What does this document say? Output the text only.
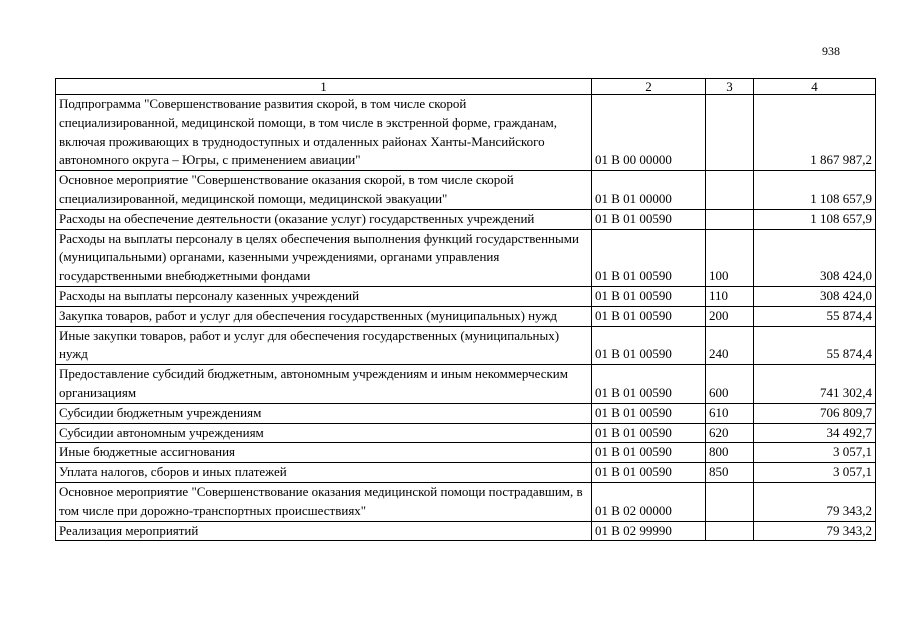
938
1	2	3	4
Подпрограмма "Совершенствование развития скорой, в том числе скорой специализированной, медицинской помощи, в том числе в экстренной форме, гражданам, включая проживающих в труднодоступных и отдаленных районах Ханты-Мансийского автономного округа – Югры, с применением авиации"	01 В 00 00000		1 867 987,2
Основное мероприятие "Совершенствование оказания скорой, в том числе скорой специализированной, медицинской помощи, медицинской эвакуации"	01 В 01 00000		1 108 657,9
Расходы на обеспечение деятельности (оказание услуг) государственных учреждений	01 В 01 00590		1 108 657,9
Расходы на выплаты персоналу в целях обеспечения выполнения функций государственными (муниципальными) органами, казенными учреждениями, органами управления государственными внебюджетными фондами	01 В 01 00590	100	308 424,0
Расходы на выплаты персоналу казенных учреждений	01 В 01 00590	110	308 424,0
Закупка товаров, работ и услуг для обеспечения государственных (муниципальных) нужд	01 В 01 00590	200	55 874,4
Иные закупки товаров, работ и услуг для обеспечения государственных (муниципальных) нужд	01 В 01 00590	240	55 874,4
Предоставление субсидий бюджетным, автономным учреждениям и иным некоммерческим организациям	01 В 01 00590	600	741 302,4
Субсидии бюджетным учреждениям	01 В 01 00590	610	706 809,7
Субсидии автономным учреждениям	01 В 01 00590	620	34 492,7
Иные бюджетные ассигнования	01 В 01 00590	800	3 057,1
Уплата налогов, сборов и иных платежей	01 В 01 00590	850	3 057,1
Основное мероприятие "Совершенствование оказания медицинской помощи пострадавшим, в том числе при дорожно-транспортных происшествиях"	01 В 02 00000		79 343,2
Реализация мероприятий	01 В 02 99990		79 343,2
